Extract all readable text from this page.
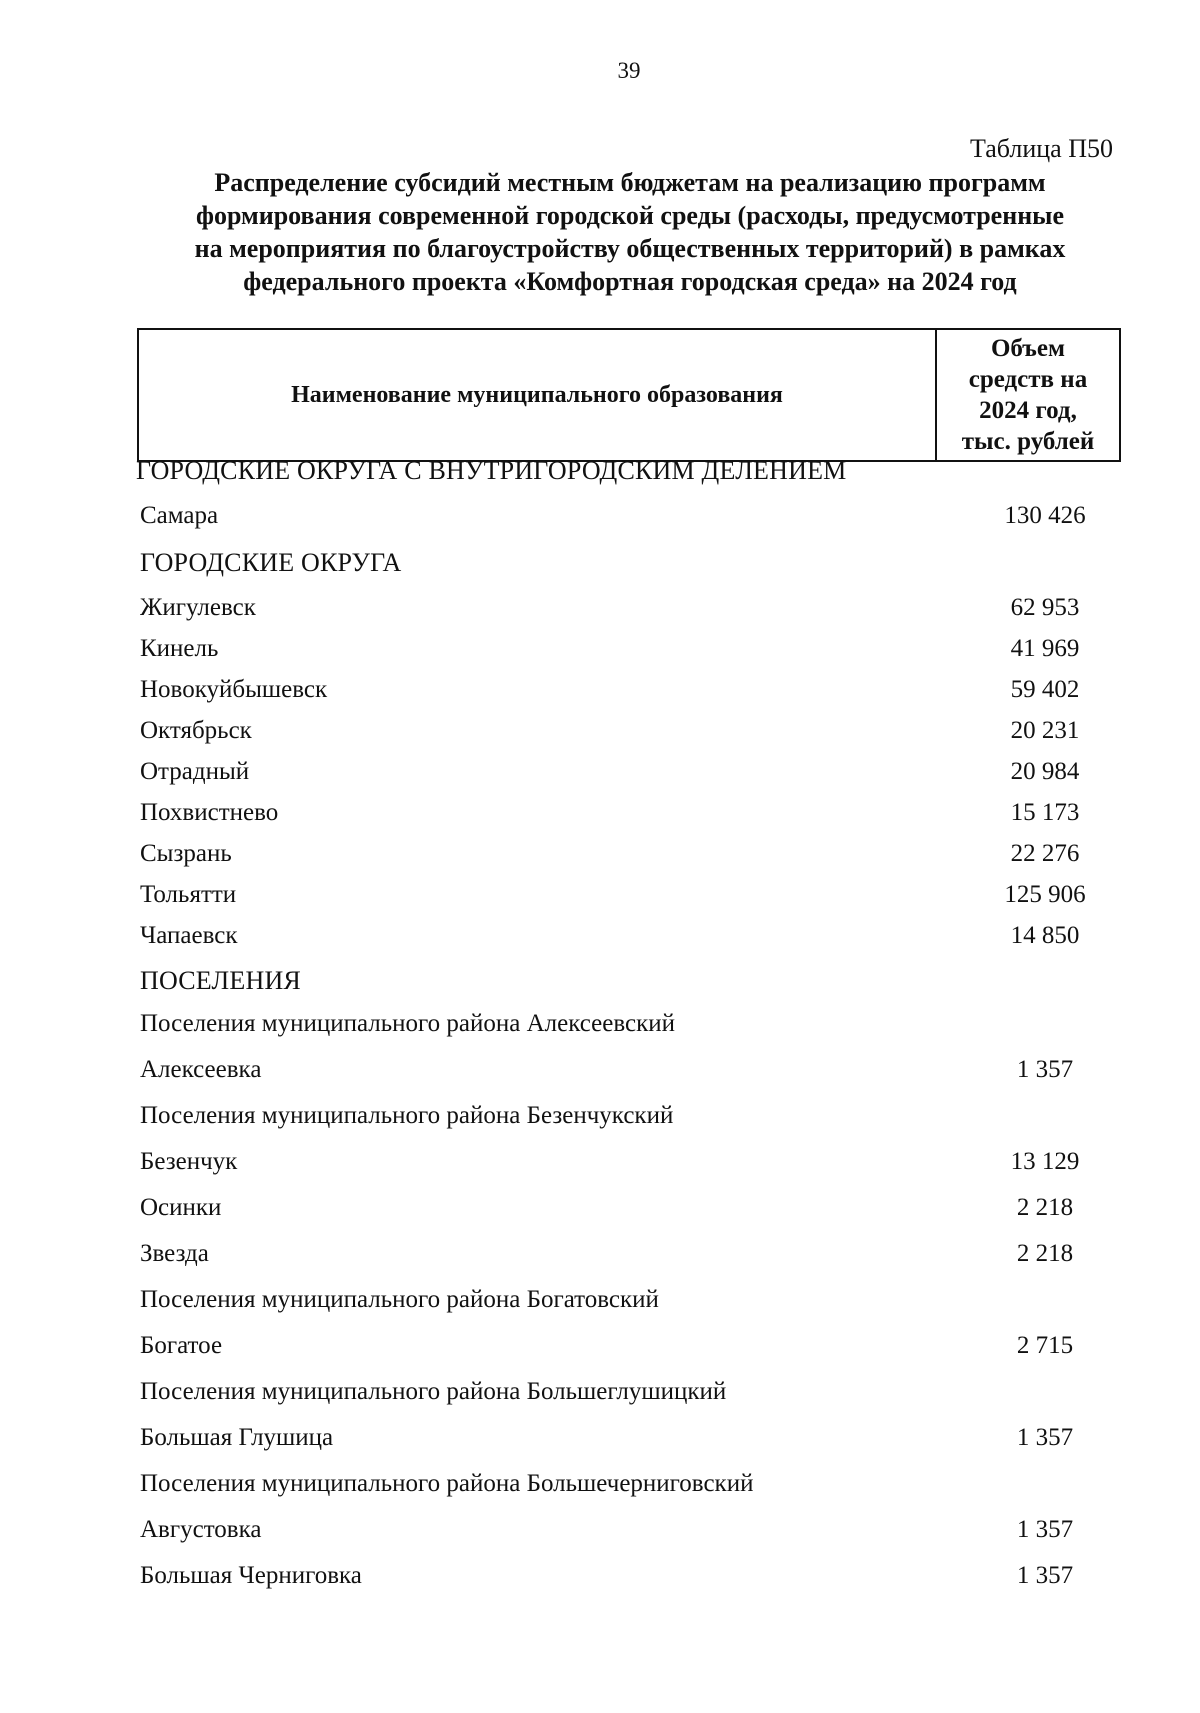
39
Таблица П50
Распределение субсидий местным бюджетам на реализацию программ
формирования современной городской среды (расходы, предусмотренные
на мероприятия по благоустройству общественных территорий) в рамках
федерального проекта «Комфортная городская среда» на 2024 год
Наименование муниципального образования
Объем
средств на
2024 год,
тыс. рублей
ГОРОДСКИЕ ОКРУГА С ВНУТРИГОРОДСКИМ ДЕЛЕНИЕМ
Самара	130 426
ГОРОДСКИЕ ОКРУГА
Жигулевск	62 953
Кинель	41 969
Новокуйбышевск	59 402
Октябрьск	20 231
Отрадный	20 984
Похвистнево	15 173
Сызрань	22 276
Тольятти	125 906
Чапаевск	14 850
ПОСЕЛЕНИЯ
Поселения муниципального района Алексеевский
Алексеевка	1 357
Поселения муниципального района Безенчукский
Безенчук	13 129
Осинки	2 218
Звезда	2 218
Поселения муниципального района Богатовский
Богатое	2 715
Поселения муниципального района Большеглушицкий
Большая Глушица	1 357
Поселения муниципального района Большечерниговский
Августовка	1 357
Большая Черниговка	1 357
